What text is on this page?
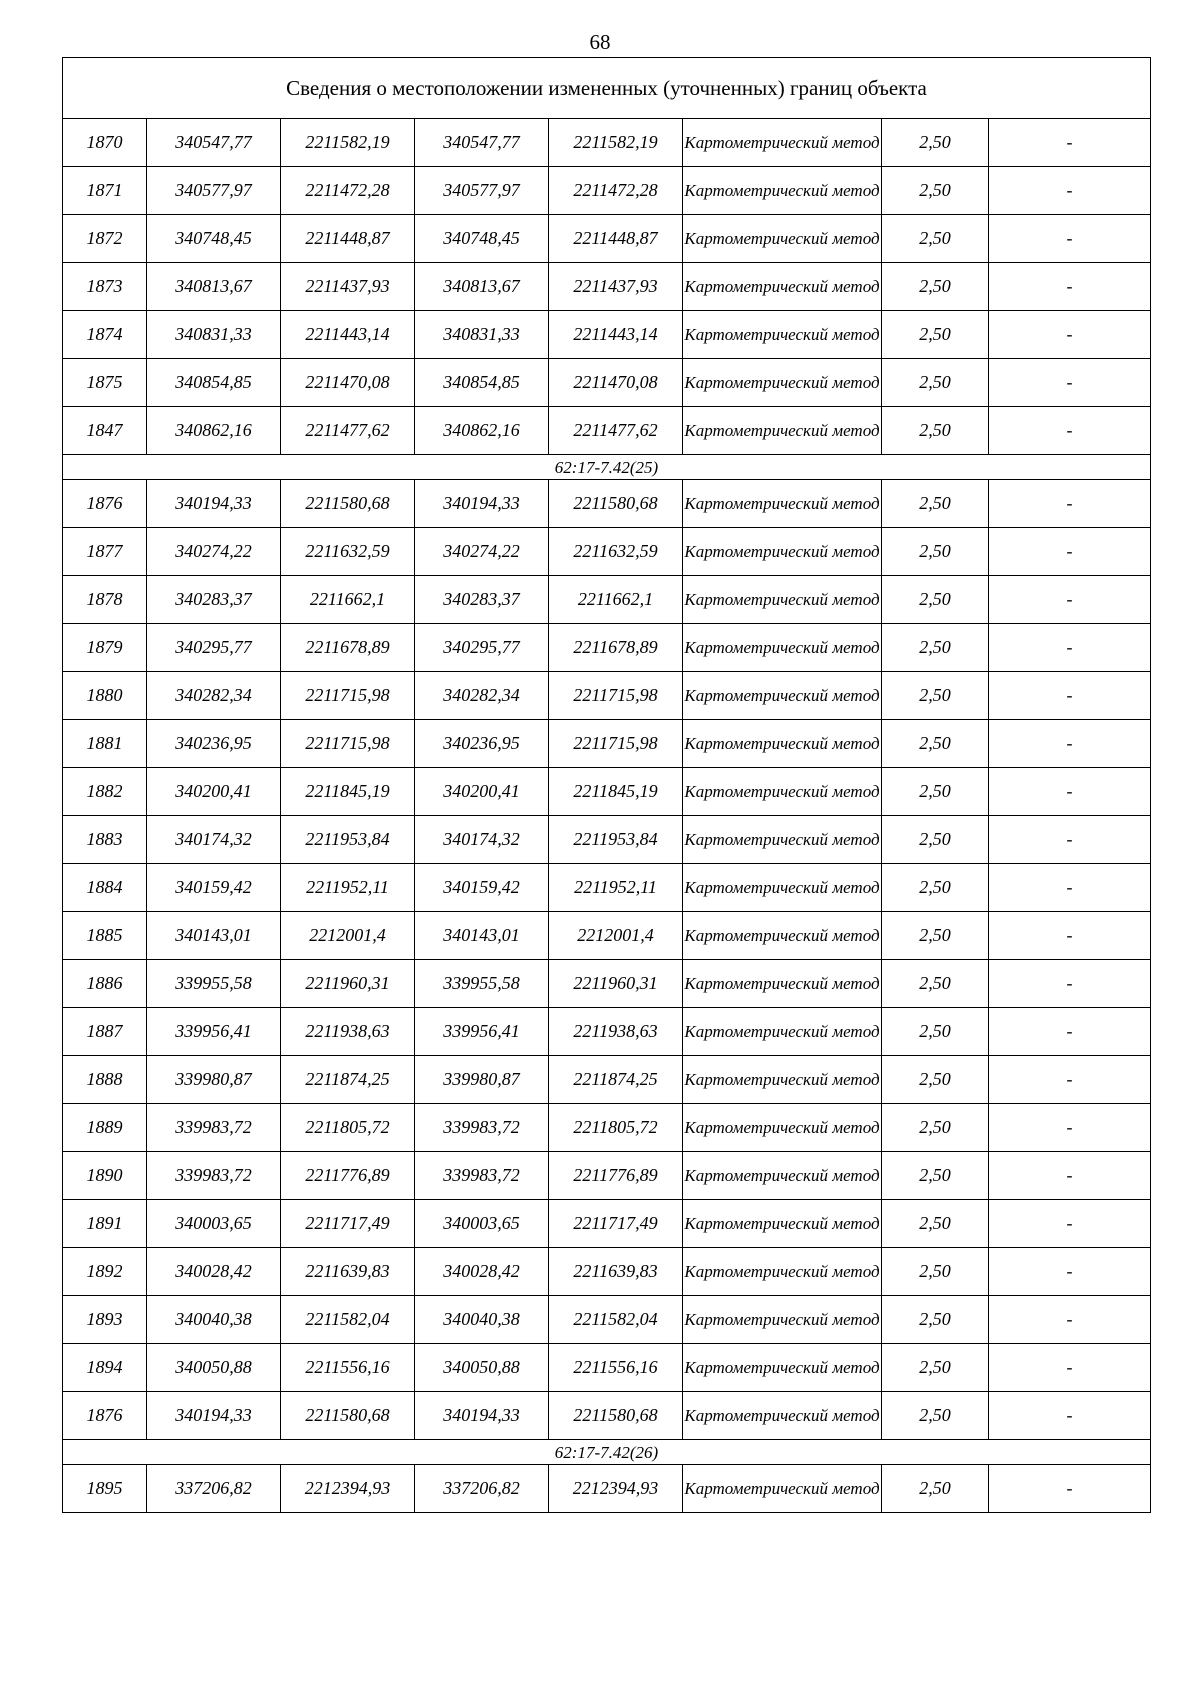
68
Сведения о местоположении измененных (уточненных) границ объекта							
1870	340547,77	2211582,19	340547,77	2211582,19	Картометрический метод	2,50	-
1871	340577,97	2211472,28	340577,97	2211472,28	Картометрический метод	2,50	-
1872	340748,45	2211448,87	340748,45	2211448,87	Картометрический метод	2,50	-
1873	340813,67	2211437,93	340813,67	2211437,93	Картометрический метод	2,50	-
1874	340831,33	2211443,14	340831,33	2211443,14	Картометрический метод	2,50	-
1875	340854,85	2211470,08	340854,85	2211470,08	Картометрический метод	2,50	-
1847	340862,16	2211477,62	340862,16	2211477,62	Картометрический метод	2,50	-
62:17-7.42(25)							
1876	340194,33	2211580,68	340194,33	2211580,68	Картометрический метод	2,50	-
1877	340274,22	2211632,59	340274,22	2211632,59	Картометрический метод	2,50	-
1878	340283,37	2211662,1	340283,37	2211662,1	Картометрический метод	2,50	-
1879	340295,77	2211678,89	340295,77	2211678,89	Картометрический метод	2,50	-
1880	340282,34	2211715,98	340282,34	2211715,98	Картометрический метод	2,50	-
1881	340236,95	2211715,98	340236,95	2211715,98	Картометрический метод	2,50	-
1882	340200,41	2211845,19	340200,41	2211845,19	Картометрический метод	2,50	-
1883	340174,32	2211953,84	340174,32	2211953,84	Картометрический метод	2,50	-
1884	340159,42	2211952,11	340159,42	2211952,11	Картометрический метод	2,50	-
1885	340143,01	2212001,4	340143,01	2212001,4	Картометрический метод	2,50	-
1886	339955,58	2211960,31	339955,58	2211960,31	Картометрический метод	2,50	-
1887	339956,41	2211938,63	339956,41	2211938,63	Картометрический метод	2,50	-
1888	339980,87	2211874,25	339980,87	2211874,25	Картометрический метод	2,50	-
1889	339983,72	2211805,72	339983,72	2211805,72	Картометрический метод	2,50	-
1890	339983,72	2211776,89	339983,72	2211776,89	Картометрический метод	2,50	-
1891	340003,65	2211717,49	340003,65	2211717,49	Картометрический метод	2,50	-
1892	340028,42	2211639,83	340028,42	2211639,83	Картометрический метод	2,50	-
1893	340040,38	2211582,04	340040,38	2211582,04	Картометрический метод	2,50	-
1894	340050,88	2211556,16	340050,88	2211556,16	Картометрический метод	2,50	-
1876	340194,33	2211580,68	340194,33	2211580,68	Картометрический метод	2,50	-
62:17-7.42(26)							
1895	337206,82	2212394,93	337206,82	2212394,93	Картометрический метод	2,50	-
